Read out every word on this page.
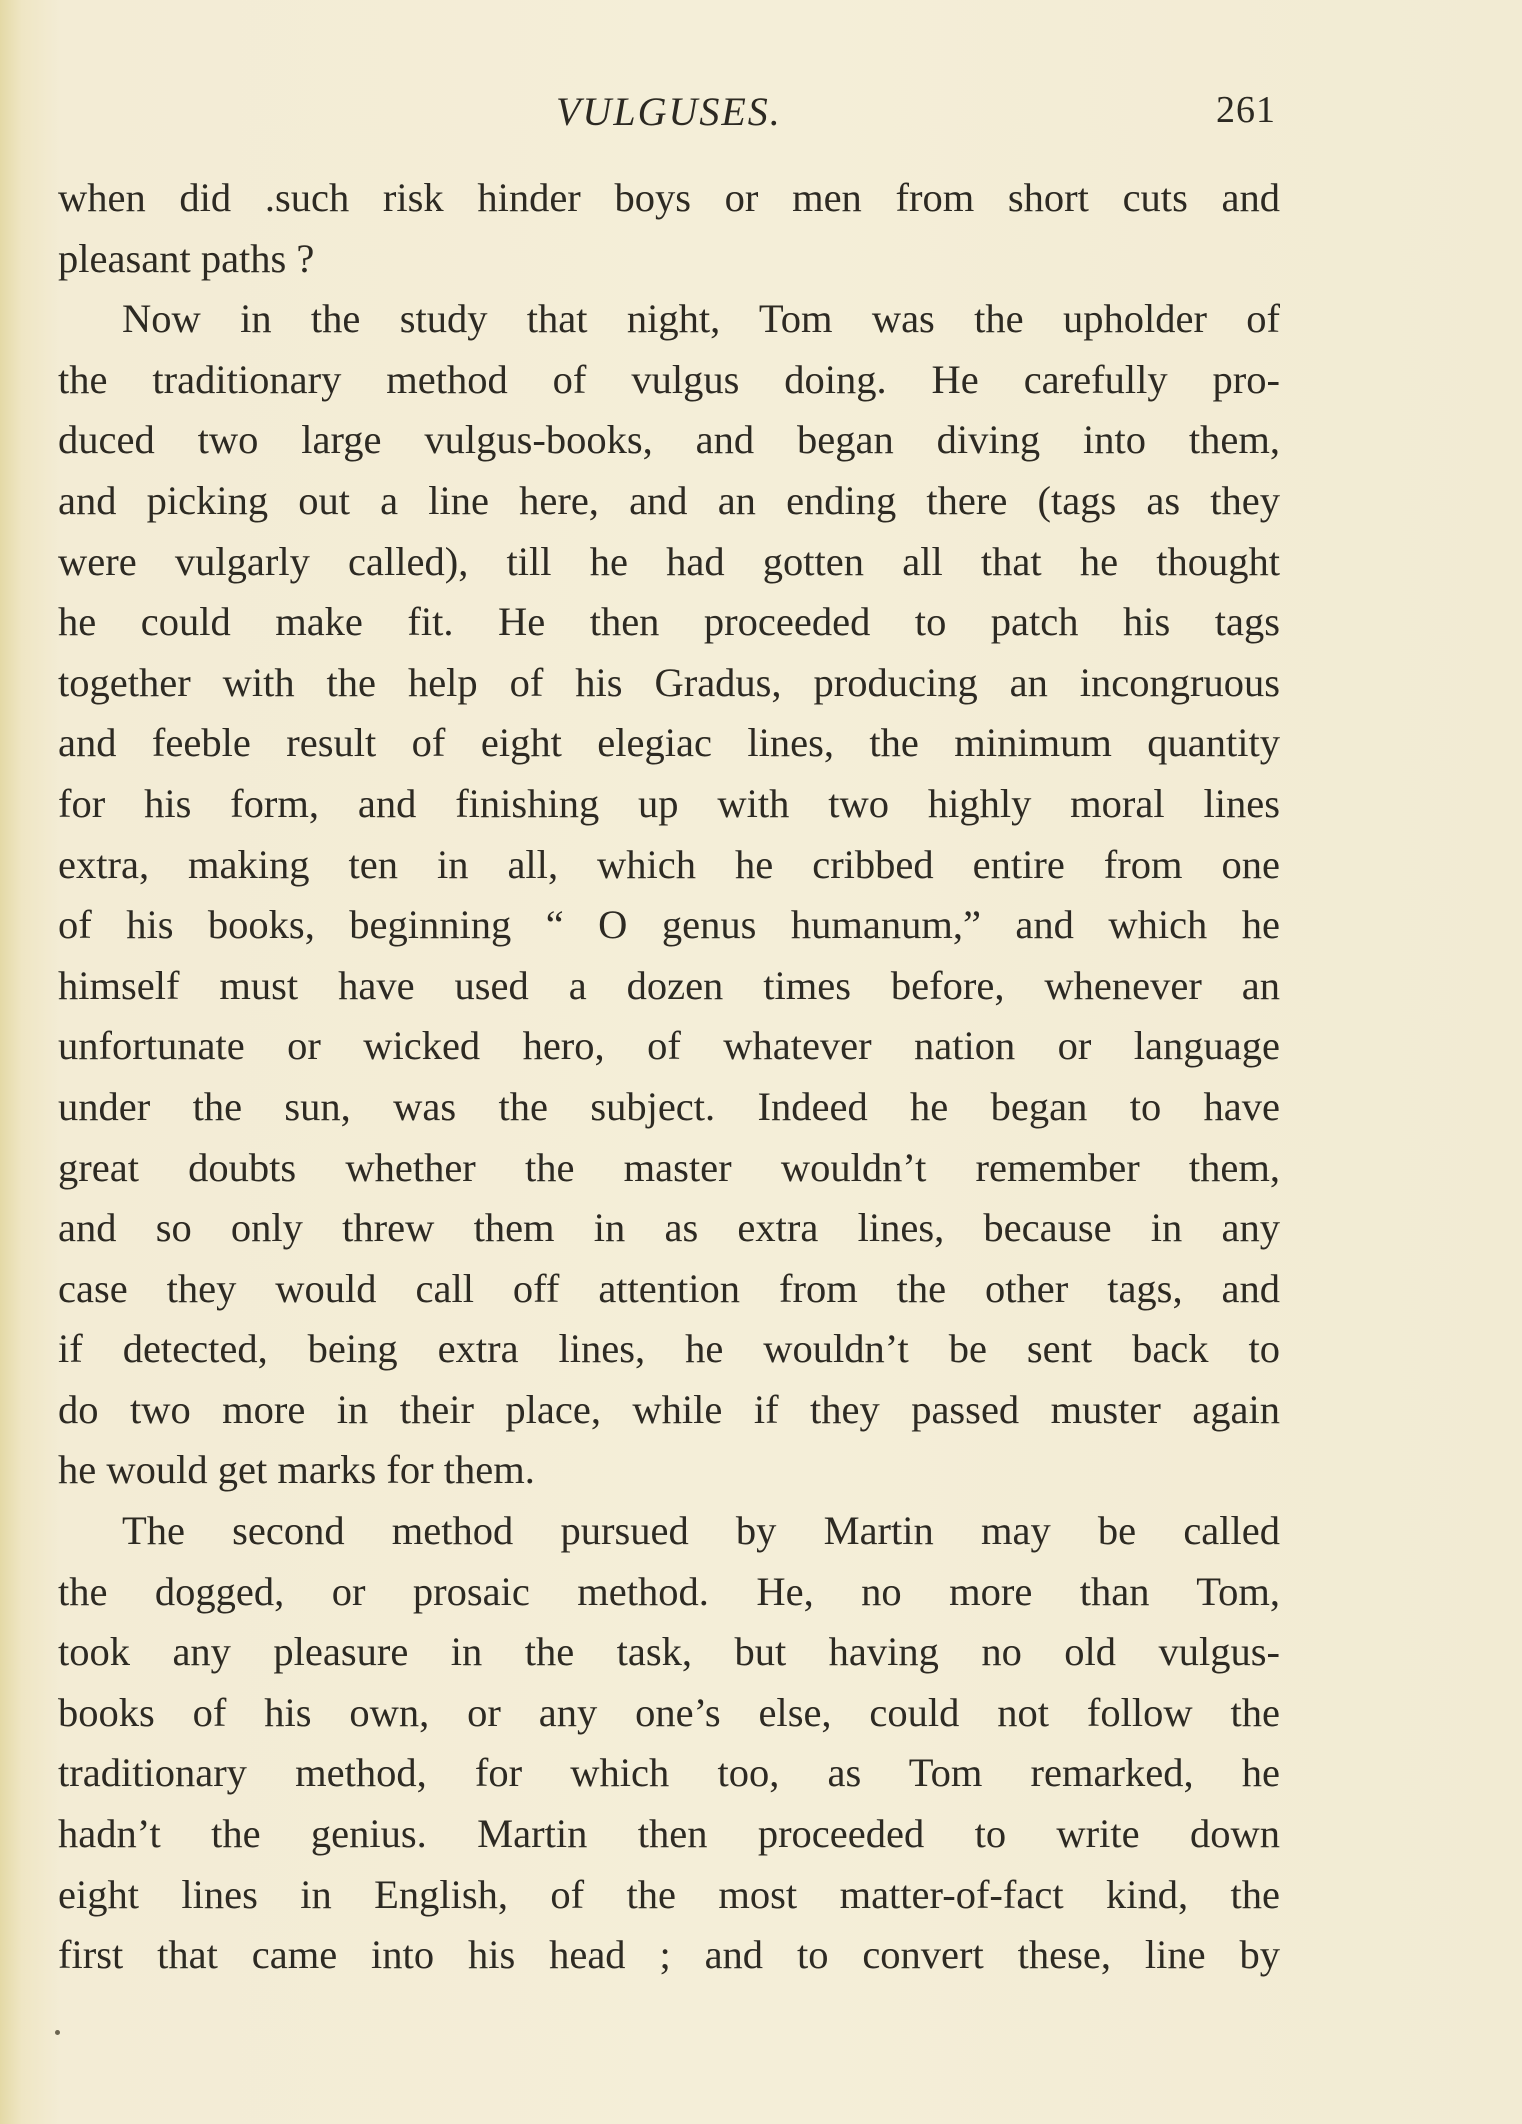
VULGUSES.	261
when did .such risk hinder boys or men from short cuts and
pleasant paths ?
Now in the study that night, Tom was the upholder of
the traditionary method of vulgus doing. He carefully pro-
duced two large vulgus-books, and began diving into them,
and picking out a line here, and an ending there (tags as they
were vulgarly called), till he had gotten all that he thought
he could make fit. He then proceeded to patch his tags
together with the help of his Gradus, producing an incongruous
and feeble result of eight elegiac lines, the minimum quantity
for his form, and finishing up with two highly moral lines
extra, making ten in all, which he cribbed entire from one
of his books, beginning “ O genus humanum,” and which he
himself must have used a dozen times before, whenever an
unfortunate or wicked hero, of whatever nation or language
under the sun, was the subject. Indeed he began to have
great doubts whether the master wouldn’t remember them,
and so only threw them in as extra lines, because in any
case they would call off attention from the other tags, and
if detected, being extra lines, he wouldn’t be sent back to
do two more in their place, while if they passed muster again
he would get marks for them.
The second method pursued by Martin may be called
the dogged, or prosaic method. He, no more than Tom,
took any pleasure in the task, but having no old vulgus-
books of his own, or any one’s else, could not follow the
traditionary method, for which too, as Tom remarked, he
hadn’t the genius. Martin then proceeded to write down
eight lines in English, of the most matter-of-fact kind, the
first that came into his head ; and to convert these, line by
